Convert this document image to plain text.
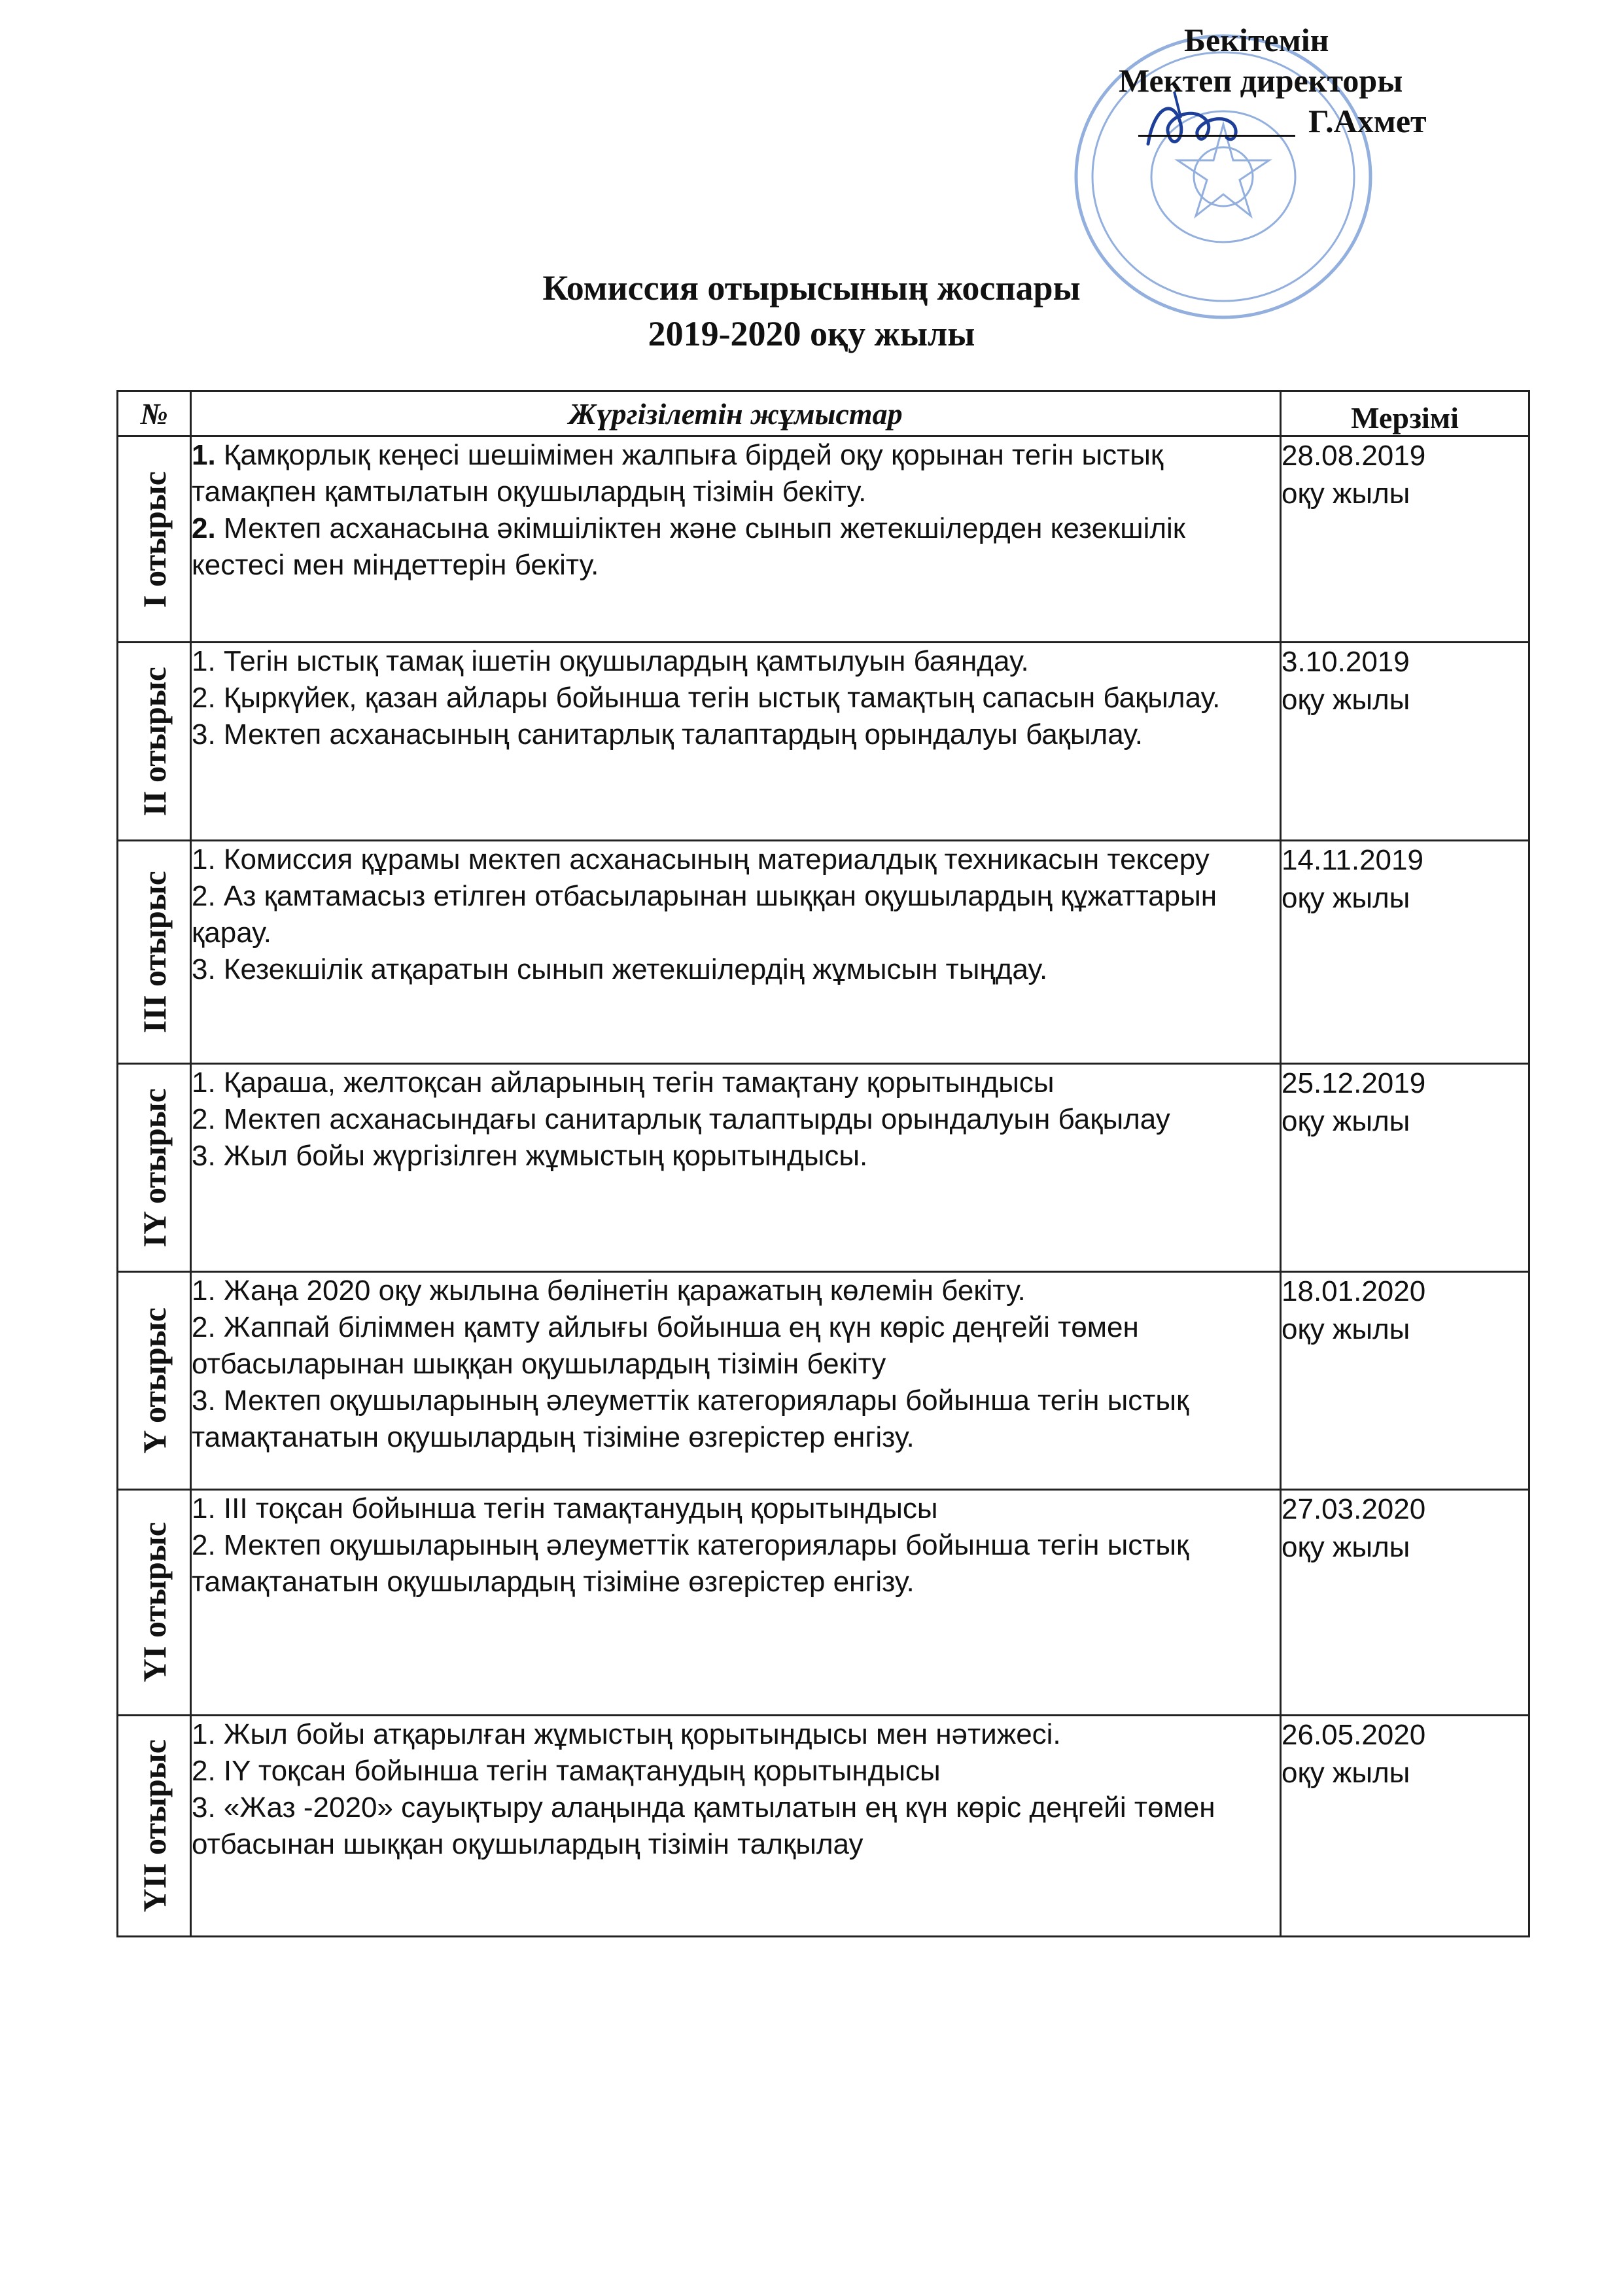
Бекітемін
Мектеп директоры
Г.Ахмет
Комиссия отырысының жоспары
2019-2020 оқу жылы
№	Жүргізілетін жұмыстар	Мерзімі

I отырыс	1. Қамқорлық кеңесі шешімімен жалпыға бірдей оқу қорынан тегін ыстық тамақпен қамтылатын оқушылардың тізімін бекіту.
2. Мектеп асханасына әкімшіліктен және сынып жетекшілерден кезекшілік кестесі мен міндеттерін бекіту.	28.08.2019
оқу жылы

II отырыс	1. Тегін ыстық тамақ ішетін оқушылардың қамтылуын баяндау.
2. Қыркүйек, қазан айлары бойынша тегін ыстық тамақтың сапасын бақылау.
3. Мектеп асханасының санитарлық талаптардың орындалуы бақылау.	3.10.2019
оқу жылы

III отырыс	1. Комиссия құрамы мектеп асханасының материалдық техникасын тексеру
2. Аз қамтамасыз етілген отбасыларынан шыққан оқушылардың құжаттарын қарау.
3. Кезекшілік атқаратын сынып жетекшілердің жұмысын тыңдау.	14.11.2019
оқу жылы

IY отырыс	1. Қараша, желтоқсан айларының тегін тамақтану қорытындысы
2. Мектеп асханасындағы санитарлық талаптырды орындалуын бақылау
3. Жыл бойы жүргізілген жұмыстың қорытындысы.	25.12.2019
оқу жылы

Y отырыс	1. Жаңа 2020 оқу жылына бөлінетін қаражатың көлемін бекіту.
2. Жаппай біліммен қамту айлығы бойынша ең күн көріс деңгейі төмен отбасыларынан шыққан оқушылардың тізімін бекіту
3. Мектеп оқушыларының әлеуметтік категориялары бойынша тегін ыстық тамақтанатын оқушылардың тізіміне өзгерістер енгізу.	18.01.2020
оқу жылы

YI отырыс	1. III тоқсан бойынша тегін тамақтанудың қорытындысы
2. Мектеп оқушыларының әлеуметтік категориялары бойынша тегін ыстық тамақтанатын оқушылардың тізіміне өзгерістер енгізу.	27.03.2020
оқу жылы

YII отырыс	1. Жыл бойы атқарылған жұмыстың қорытындысы мен нәтижесі.
2. IY тоқсан бойынша тегін тамақтанудың қорытындысы
3. «Жаз -2020» сауықтыру алаңында қамтылатын ең күн көріс деңгейі төмен отбасынан шыққан оқушылардың тізімін талқылау	26.05.2020
оқу жылы
